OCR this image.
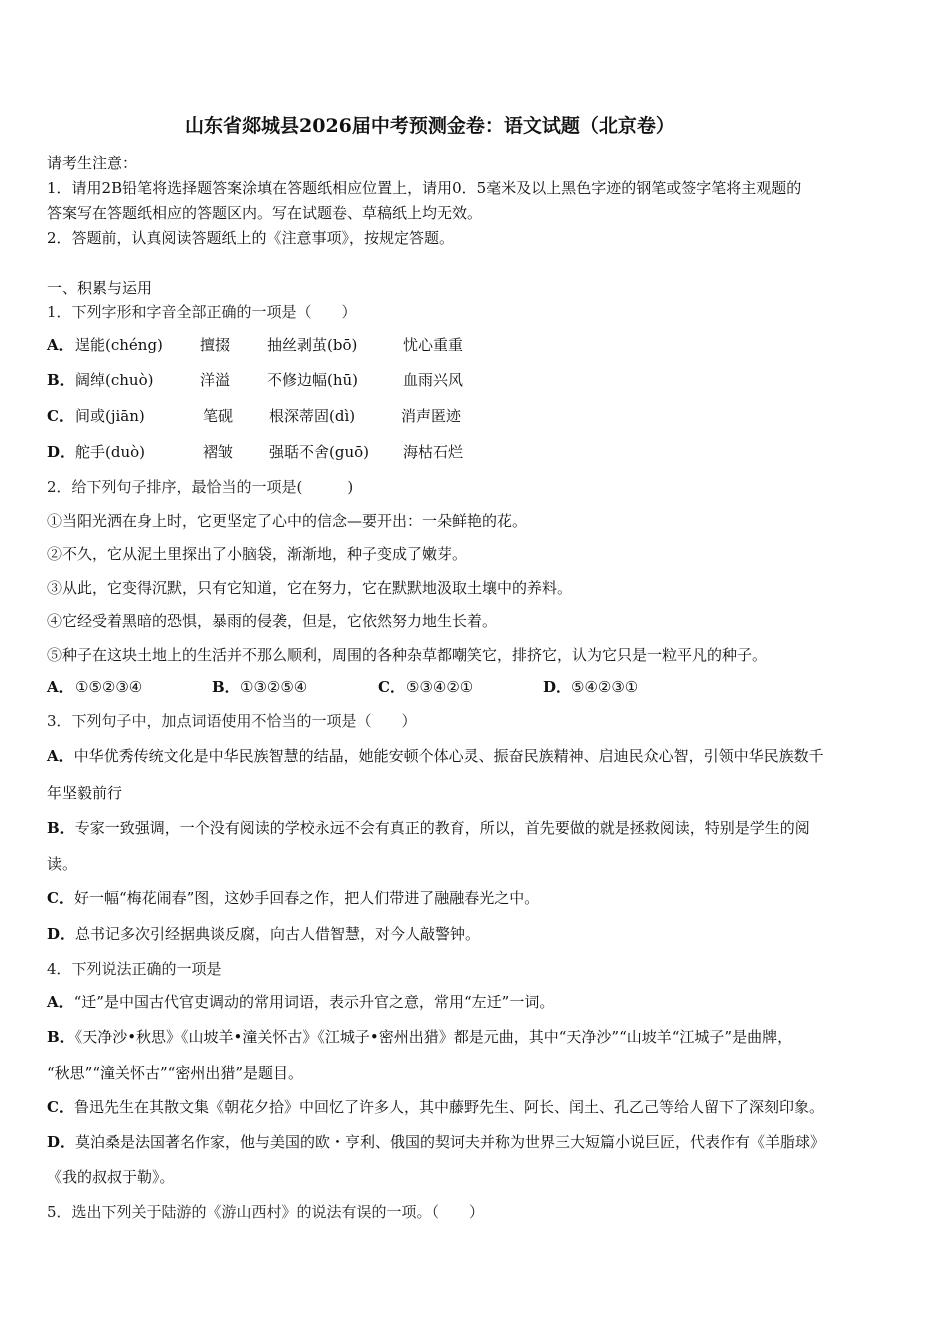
山东省郯城县2026届中考预测金卷：语文试题（北京卷）
请考生注意：
1．请用2B铅笔将选择题答案涂填在答题纸相应位置上，请用0．5毫米及以上黑色字迹的钢笔或签字笔将主观题的
答案写在答题纸相应的答题区内。写在试题卷、草稿纸上均无效。
2．答题前，认真阅读答题纸上的《注意事项》，按规定答题。
一、积累与运用
1．下列字形和字音全部正确的一项是（　　）
A．逞能(chéng) 擅掇 抽丝剥茧(bō)	忧心重重
B．阔绰(chuò)	洋溢 不修边幅(hū)	血雨兴风
C．间或(jiān)	笔砚 根深蒂固(dì)	消声匿迹
D．舵手(duò)	褶皱 强聒不舍(guō) 海枯石烂
2．给下列句子排序，最恰当的一项是(　　　)
①当阳光洒在身上时，它更坚定了心中的信念—要开出：一朵鲜艳的花。
②不久，它从泥土里探出了小脑袋，渐渐地，种子变成了嫩芽。
③从此，它变得沉默，只有它知道，它在努力，它在默默地汲取土壤中的养料。
④它经受着黑暗的恐惧，暴雨的侵袭，但是，它依然努力地生长着。
⑤种子在这块土地上的生活并不那么顺利，周围的各种杂草都嘲笑它，排挤它，认为它只是一粒平凡的种子。
A．①⑤②③④	B．①③②⑤④	C．⑤③④②①	D．⑤④②③①
3．下列句子中，加点词语使用不恰当的一项是（　　）
A．中华优秀传统文化是中华民族智慧的结晶，她能安顿个体心灵、振奋民族精神、启迪民众心智，引领中华民族数千
年坚毅前行
B．专家一致强调，一个没有阅读的学校永远不会有真正的教育，所以，首先要做的就是拯救阅读，特别是学生的阅
读。
C．好一幅“梅花闹春”图，这妙手回春之作，把人们带进了融融春光之中。
D．总书记多次引经据典谈反腐，向古人借智慧，对今人敲警钟。
4．下列说法正确的一项是
A．“迁”是中国古代官吏调动的常用词语，表示升官之意，常用“左迁”一词。
B．《天净沙•秋思》《山坡羊•潼关怀古》《江城子•密州出猎》都是元曲，其中“天净沙”“山坡羊“江城子”是曲牌，
“秋思”“潼关怀古”“密州出猎”是题目。
C．鲁迅先生在其散文集《朝花夕拾》中回忆了许多人，其中藤野先生、阿长、闰土、孔乙己等给人留下了深刻印象。
D．莫泊桑是法国著名作家，他与美国的欧・亨利、俄国的契诃夫并称为世界三大短篇小说巨匠，代表作有《羊脂球》
《我的叔叔于勒》。
5．选出下列关于陆游的《游山西村》的说法有误的一项。（　　）
